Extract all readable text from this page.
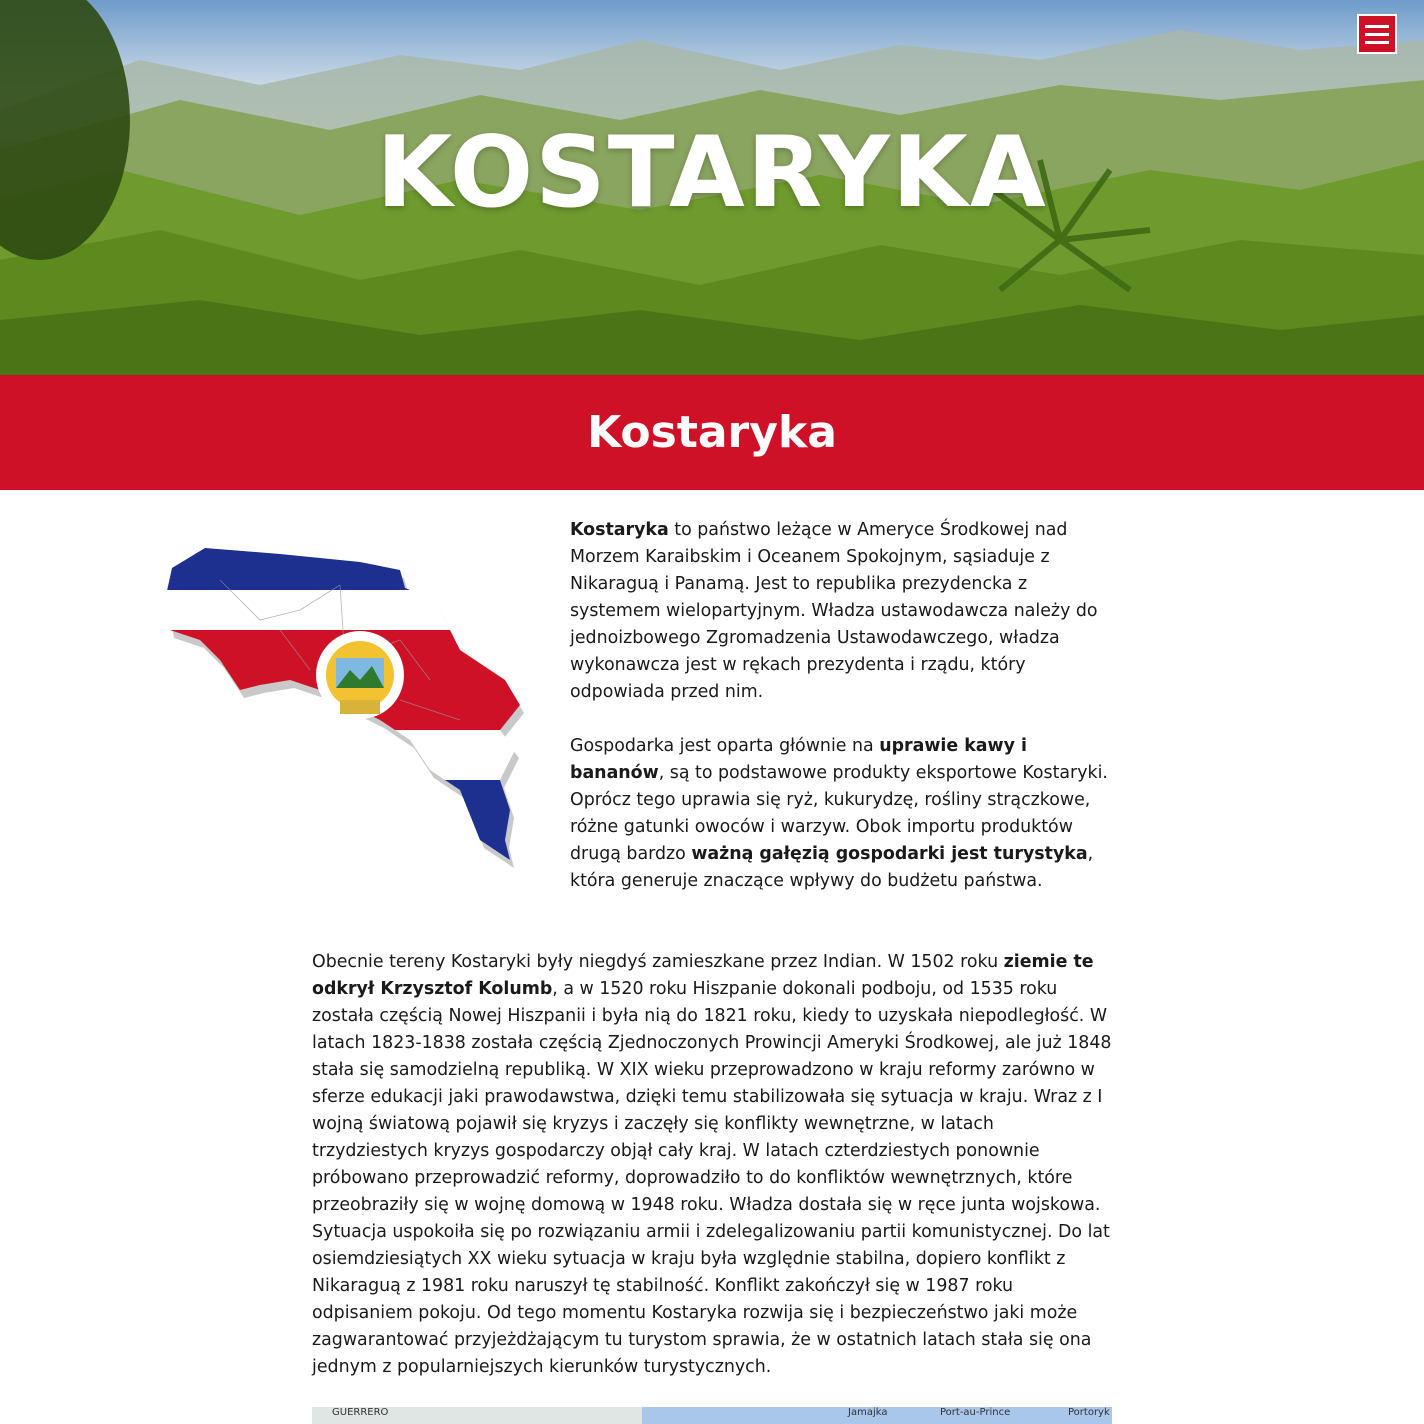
KOSTARYKA
Kostaryka

Kostaryka to państwo leżące w Ameryce Środkowej nad Morzem Karaibskim i Oceanem Spokojnym, sąsiaduje z Nikaraguą i Panamą. Jest to republika prezydencka z systemem wielopartyjnym. Władza ustawodawcza należy do jednoizbowego Zgromadzenia Ustawodawczego, władza wykonawcza jest w rękach prezydenta i rządu, który odpowiada przed nim.

Gospodarka jest oparta głównie na uprawie kawy i bananów, są to podstawowe produkty eksportowe Kostaryki. Oprócz tego uprawia się ryż, kukurydzę, rośliny strączkowe, różne gatunki owoców i warzyw. Obok importu produktów drugą bardzo ważną gałęzią gospodarki jest turystyka, która generuje znaczące wpływy do budżetu państwa.

Obecnie tereny Kostaryki były niegdyś zamieszkane przez Indian. W 1502 roku ziemie te odkrył Krzysztof Kolumb, a w 1520 roku Hiszpanie dokonali podboju, od 1535 roku została częścią Nowej Hiszpanii i była nią do 1821 roku, kiedy to uzyskała niepodległość. W latach 1823-1838 została częścią Zjednoczonych Prowincji Ameryki Środkowej, ale już 1848 stała się samodzielną republiką. W XIX wieku przeprowadzono w kraju reformy zarówno w sferze edukacji jaki prawodawstwa, dzięki temu stabilizowała się sytuacja w kraju. Wraz z I wojną światową pojawił się kryzys i zaczęły się konflikty wewnętrzne, w latach trzydziestych kryzys gospodarczy objął cały kraj. W latach czterdziestych ponownie próbowano przeprowadzić reformy, doprowadziło to do konfliktów wewnętrznych, które przeobraziły się w wojnę domową w 1948 roku. Władza dostała się w ręce junta wojskowa. Sytuacja uspokoiła się po rozwiązaniu armii i zdelegalizowaniu partii komunistycznej. Do lat osiemdziesiątych XX wieku sytuacja w kraju była względnie stabilna, dopiero konflikt z Nikaraguą z 1981 roku naruszył tę stabilność. Konflikt zakończył się w 1987 roku odpisaniem pokoju. Od tego momentu Kostaryka rozwija się i bezpieczeństwo jaki może zagwarantować przyjeżdżającym tu turystom sprawia, że w ostatnich latach stała się ona jednym z popularniejszych kierunków turystycznych.

GUERRERO	Jamajka	Port-au-Prince	Portoryk
